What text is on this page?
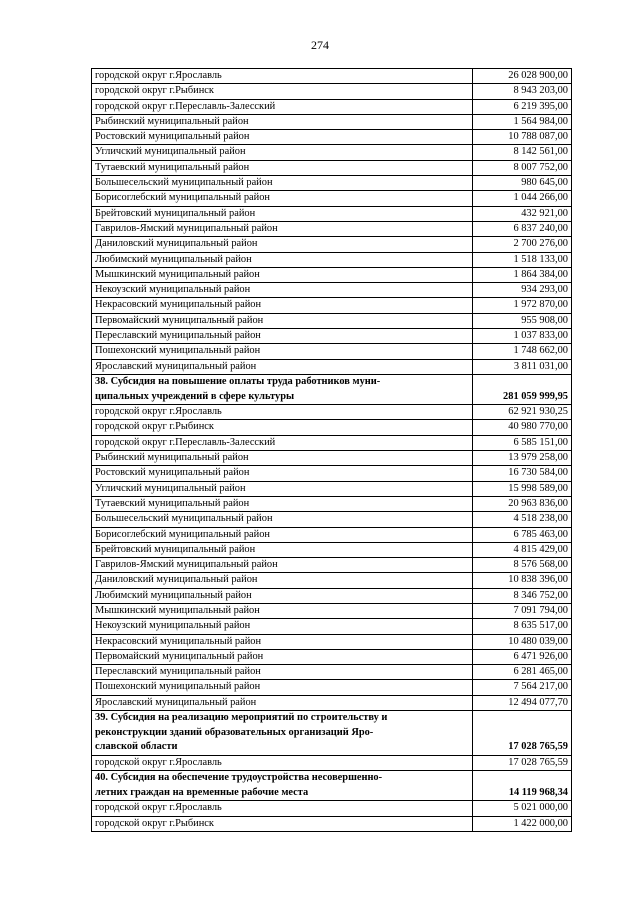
274
городской округ г.Ярославль	26 028 900,00
городской округ г.Рыбинск	8 943 203,00
городской округ г.Переславль-Залесский	6 219 395,00
Рыбинский муниципальный район	1 564 984,00
Ростовский муниципальный район	10 788 087,00
Угличский муниципальный район	8 142 561,00
Тутаевский муниципальный район	8 007 752,00
Большесельский муниципальный район	980 645,00
Борисоглебский муниципальный район	1 044 266,00
Брейтовский муниципальный район	432 921,00
Гаврилов-Ямский муниципальный район	6 837 240,00
Даниловский муниципальный район	2 700 276,00
Любимский муниципальный район	1 518 133,00
Мышкинский муниципальный район	1 864 384,00
Некоузский муниципальный район	934 293,00
Некрасовский муниципальный район	1 972 870,00
Первомайский муниципальный район	955 908,00
Переславский муниципальный район	1 037 833,00
Пошехонский муниципальный район	1 748 662,00
Ярославский муниципальный район	3 811 031,00
38. Субсидия на повышение оплаты труда работников муни-
ципальных учреждений в сфере культуры	281 059 999,95
городской округ г.Ярославль	62 921 930,25
городской округ г.Рыбинск	40 980 770,00
городской округ г.Переславль-Залесский	6 585 151,00
Рыбинский муниципальный район	13 979 258,00
Ростовский муниципальный район	16 730 584,00
Угличский муниципальный район	15 998 589,00
Тутаевский муниципальный район	20 963 836,00
Большесельский муниципальный район	4 518 238,00
Борисоглебский муниципальный район	6 785 463,00
Брейтовский муниципальный район	4 815 429,00
Гаврилов-Ямский муниципальный район	8 576 568,00
Даниловский муниципальный район	10 838 396,00
Любимский муниципальный район	8 346 752,00
Мышкинский муниципальный район	7 091 794,00
Некоузский муниципальный район	8 635 517,00
Некрасовский муниципальный район	10 480 039,00
Первомайский муниципальный район	6 471 926,00
Переславский муниципальный район	6 281 465,00
Пошехонский муниципальный район	7 564 217,00
Ярославский муниципальный район	12 494 077,70
39. Субсидия на реализацию мероприятий по строительству и
реконструкции зданий образовательных организаций Яро-
славской области	17 028 765,59
городской округ г.Ярославль	17 028 765,59
40. Субсидия на обеспечение трудоустройства несовершенно-
летних граждан на временные рабочие места	14 119 968,34
городской округ г.Ярославль	5 021 000,00
городской округ г.Рыбинск	1 422 000,00
